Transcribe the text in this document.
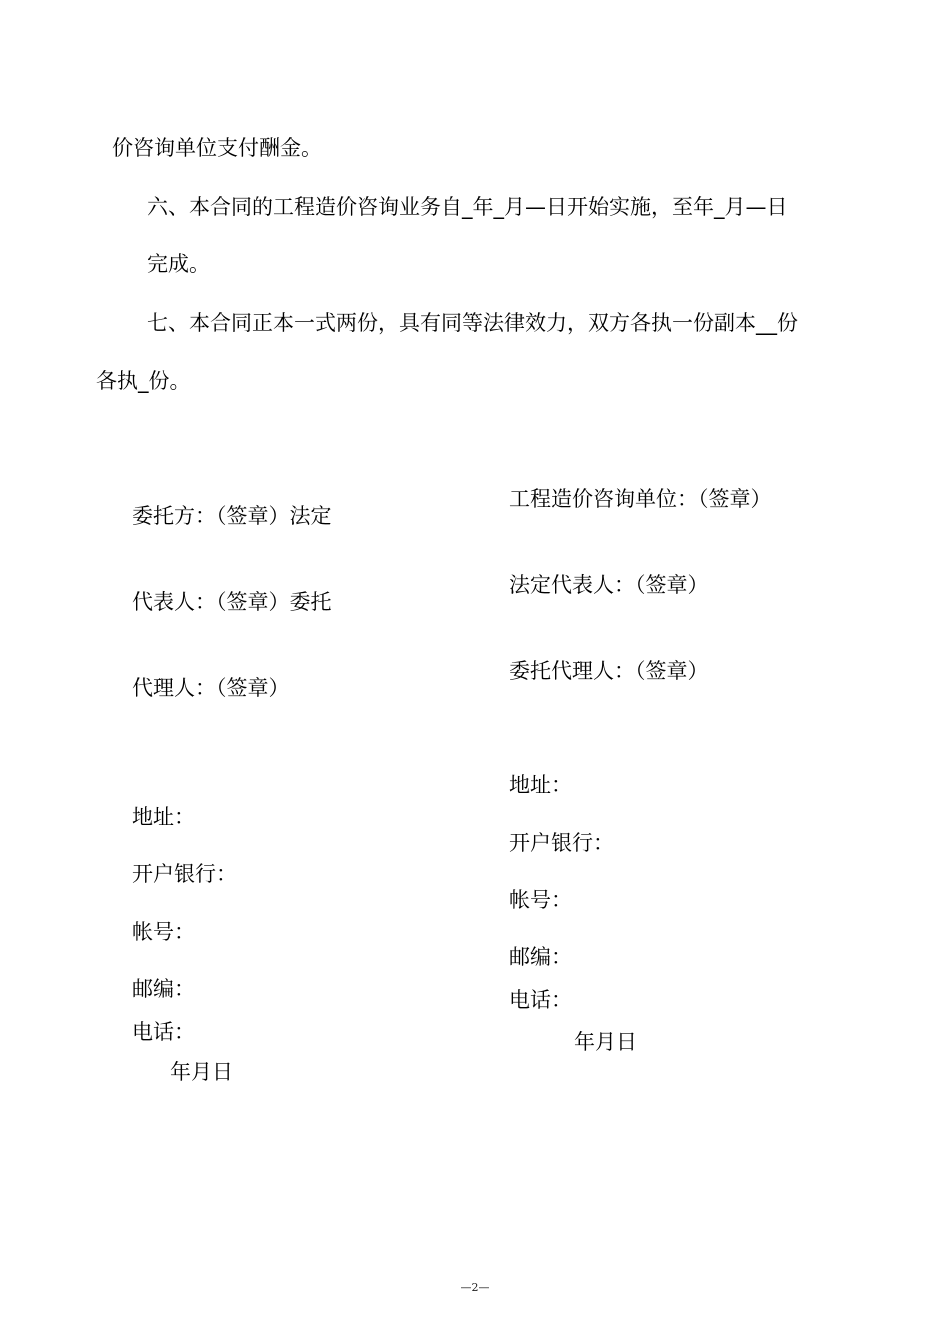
价咨询单位支付酬金。
六、本合同的工程造价咨询业务自_年_月—日开始实施，至年_月—日
完成。
七、本合同正本一式两份，具有同等法律效力，双方各执一份副本__份
各执_份。
委托方：（签章）法定
代表人：（签章）委托
代理人：（签章）
地址：
开户银行：
帐号：
邮编：
电话：
年月日
工程造价咨询单位：（签章）
法定代表人：（签章）
委托代理人：（签章）
地址：
开户银行：
帐号：
邮编：
电话：
年月日
—2—
